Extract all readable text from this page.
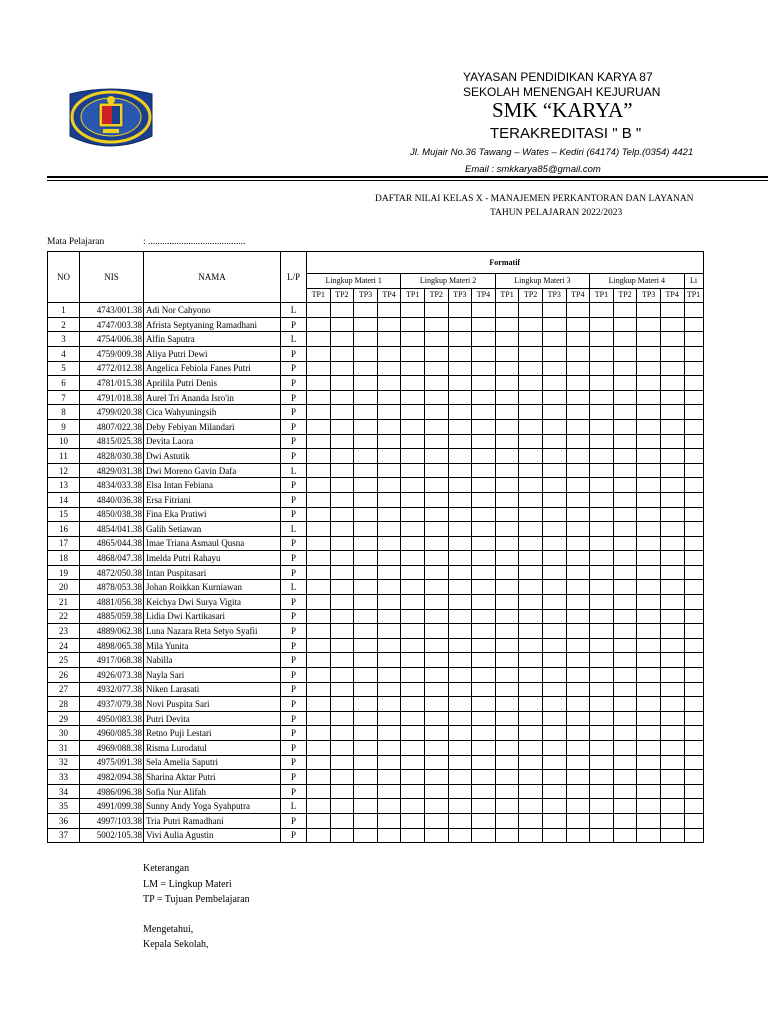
YAYASAN PENDIDIKAN KARYA 87
SEKOLAH MENENGAH KEJURUAN
SMK “KARYA”
TERAKREDITASI " B "
Jl. Mujair No.36 Tawang – Wates – Kediri (64174) Telp.(0354) 4421
Email : smkkarya85@gmail.com
DAFTAR NILAI KELAS X - MANAJEMEN PERKANTORAN DAN LAYANAN
TAHUN PELAJARAN 2022/2023
Mata Pelajaran	: .........................................
NO	NIS	NAMA	L/P	Formatif																
				Lingkup Materi 1				Lingkup Materi 2				Lingkup Materi 3				Lingkup Materi 4				Li
				TP1	TP2	TP3	TP4	TP1	TP2	TP3	TP4	TP1	TP2	TP3	TP4	TP1	TP2	TP3	TP4	TP1
1	4743/001.38	Adi Nor Cahyono	L																	
2	4747/003.38	Afrista Septyaning Ramadhani	P																	
3	4754/006.38	Alfin Saputra	L																	
4	4759/009.38	Aliya Putri Dewi	P																	
5	4772/012.38	Angelica Febiola Fanes Putri	P																	
6	4781/015.38	Aprilila Putri Denis	P																	
7	4791/018.38	Aurel Tri Ananda Isro'in	P																	
8	4799/020.38	Cica Wahyuningsih	P																	
9	4807/022.38	Deby Febiyan Milandari	P																	
10	4815/025.38	Devita Laora	P																	
11	4828/030.38	Dwi Astutik	P																	
12	4829/031.38	Dwi Moreno Gavin Dafa	L																	
13	4834/033.38	Elsa Intan Febiana	P																	
14	4840/036.38	Ersa Fitriani	P																	
15	4850/038.38	Fina Eka Pratiwi	P																	
16	4854/041.38	Galih Setiawan	L																	
17	4865/044.38	Imae Triana Asmaul Qusna	P																	
18	4868/047.38	Imelda Putri Rahayu	P																	
19	4872/050.38	Intan Puspitasari	P																	
20	4878/053.38	Johan Roikkan Kurniawan	L																	
21	4881/056.38	Keichya Dwi Surya Vigita	P																	
22	4885/059.38	Lidia Dwi Kartikasari	P																	
23	4889/062.38	Luna Nazara Reta Setyo Syafii	P																	
24	4898/065.38	Mila Yunita	P																	
25	4917/068.38	Nabilla	P																	
26	4926/073.38	Nayla Sari	P																	
27	4932/077.38	Niken Larasati	P																	
28	4937/079.38	Novi Puspita Sari	P																	
29	4950/083.38	Putri Devita	P																	
30	4960/085.38	Retno Puji Lestari	P																	
31	4969/088.38	Risma Lurodatul	P																	
32	4975/091.38	Sela Amelia Saputri	P																	
33	4982/094.38	Sharina Aktar Putri	P																	
34	4986/096.38	Sofia Nur Alifah	P																	
35	4991/099.38	Sunny Andy Yoga Syahputra	L																	
36	4997/103.38	Tria Putri Ramadhani	P																	
37	5002/105.38	Vivi Aulia Agustin	P																	
Keterangan
LM = Lingkup Materi
TP = Tujuan Pembelajaran
Mengetahui,
Kepala Sekolah,
